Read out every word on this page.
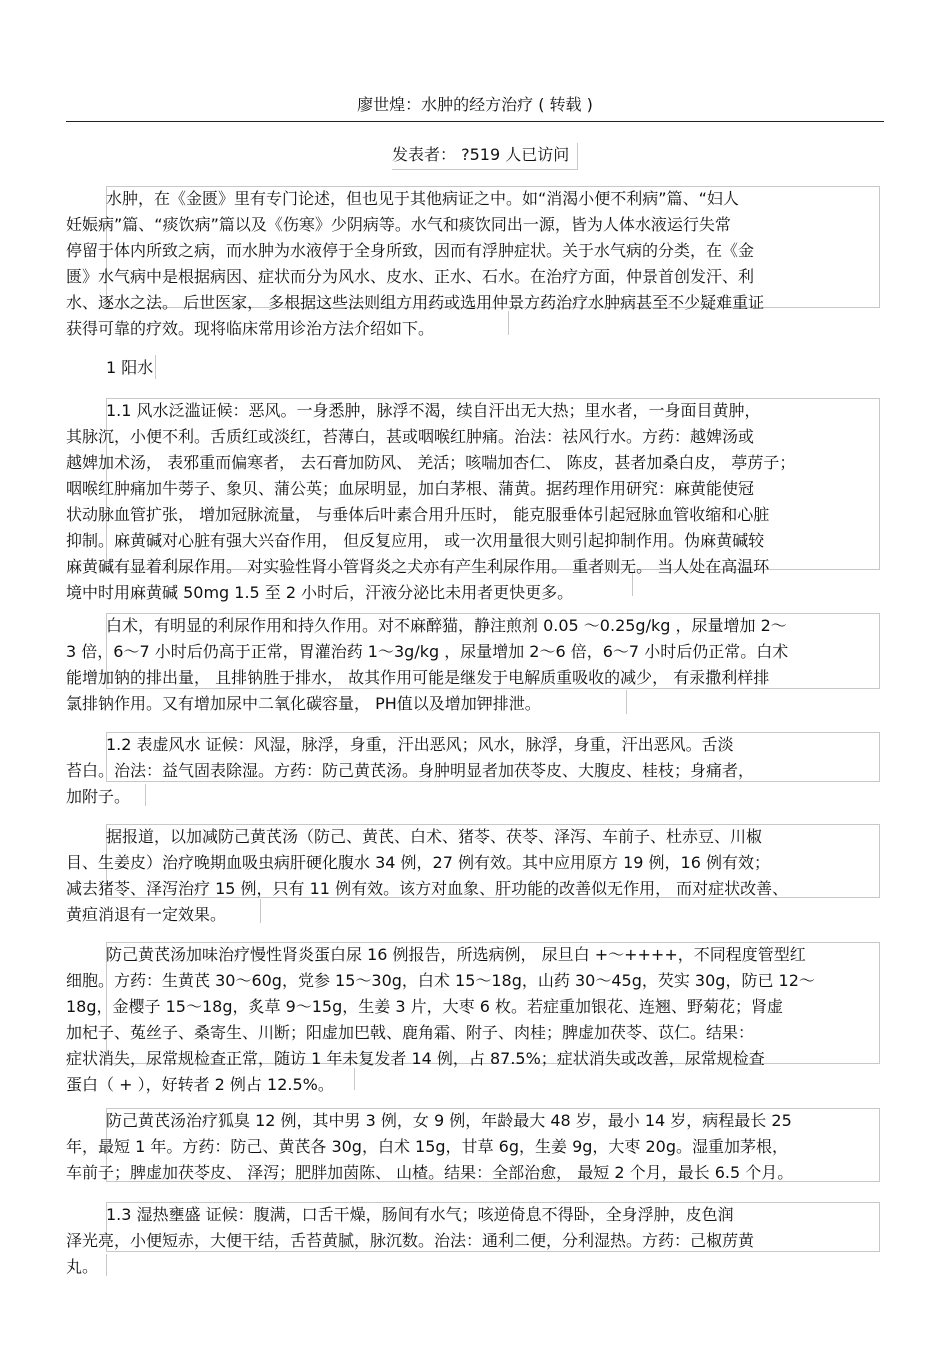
廖世煌：水肿的经方治疗 ( 转载 )
发表者： ?519 人已访问
水肿，在《金匮》里有专门论述，但也见于其他病证之中。如“消渴小便不利病”篇、“妇人
妊娠病”篇、“痰饮病”篇以及《伤寒》少阴病等。水气和痰饮同出一源，皆为人体水液运行失常
停留于体内所致之病，而水肿为水液停于全身所致，因而有浮肿症状。关于水气病的分类，在《金
匮》水气病中是根据病因、症状而分为风水、皮水、正水、石水。在治疗方面，仲景首创发汗、利
水、逐水之法。 后世医家， 多根据这些法则组方用药或选用仲景方药治疗水肿病甚至不少疑难重证
获得可靠的疗效。现将临床常用诊治方法介绍如下。
1 阳水
1.1 风水泛滥证候：恶风。一身悉肿，脉浮不渴，续自汗出无大热；里水者，一身面目黄肿，
其脉沉，小便不利。舌质红或淡红，苔薄白，甚或咽喉红肿痛。治法：祛风行水。方药：越婢汤或
越婢加术汤， 表邪重而偏寒者， 去石膏加防风、 羌活；咳喘加杏仁、 陈皮，甚者加桑白皮， 葶苈子；
咽喉红肿痛加牛蒡子、象贝、蒲公英；血尿明显，加白茅根、蒲黄。据药理作用研究：麻黄能使冠
状动脉血管扩张， 增加冠脉流量， 与垂体后叶素合用升压时， 能克服垂体引起冠脉血管收缩和心脏
抑制。麻黄碱对心脏有强大兴奋作用， 但反复应用， 或一次用量很大则引起抑制作用。伪麻黄碱较
麻黄碱有显着利尿作用。 对实验性肾小管肾炎之犬亦有产生利尿作用。 重者则无。 当人处在高温环
境中时用麻黄碱 50mg 1.5 至 2 小时后，汗液分泌比未用者更快更多。
白术，有明显的利尿作用和持久作用。对不麻醉猫，静注煎剂 0.05 ～0.25g/kg ，尿量增加 2～
3 倍，6～7 小时后仍高于正常，胃灌治药 1～3g/kg ，尿量增加 2～6 倍，6～7 小时后仍正常。白术
能增加钠的排出量， 且排钠胜于排水， 故其作用可能是继发于电解质重吸收的减少， 有汞撒利样排
氯排钠作用。又有增加尿中二氧化碳容量， PH值以及增加钾排泄。
1.2 表虚风水 证候：风湿，脉浮，身重，汗出恶风；风水，脉浮，身重，汗出恶风。舌淡
苔白。治法：益气固表除湿。方药：防己黄芪汤。身肿明显者加茯苓皮、大腹皮、桂枝；身痛者，
加附子。
据报道，以加减防己黄芪汤（防己、黄芪、白术、猪苓、茯苓、泽泻、车前子、杜赤豆、川椒
目、生姜皮）治疗晚期血吸虫病肝硬化腹水 34 例，27 例有效。其中应用原方 19 例，16 例有效；
减去猪苓、泽泻治疗 15 例，只有 11 例有效。该方对血象、肝功能的改善似无作用， 而对症状改善、
黄疸消退有一定效果。
防己黄芪汤加味治疗慢性肾炎蛋白尿 16 例报告，所选病例， 尿旦白 +～++++，不同程度管型红
细胞。方药：生黄芪 30～60g，党参 15～30g，白术 15～18g，山药 30～45g，芡实 30g，防已 12～
18g，金樱子 15～18g，炙草 9～15g，生姜 3 片，大枣 6 枚。若症重加银花、连翘、野菊花；肾虚
加杞子、菟丝子、桑寄生、川断；阳虚加巴戟、鹿角霜、附子、肉桂；脾虚加茯苓、苡仁。结果：
症状消失，尿常规检查正常，随访 1 年未复发者 14 例，占 87.5%；症状消失或改善，尿常规检查
蛋白（ + ），好转者 2 例占 12.5%。
防己黄芪汤治疗狐臭 12 例，其中男 3 例，女 9 例，年龄最大 48 岁，最小 14 岁，病程最长 25
年，最短 1 年。方药：防己、黄芪各 30g，白术 15g，甘草 6g，生姜 9g，大枣 20g。湿重加茅根，
车前子；脾虚加茯苓皮、 泽泻；肥胖加茵陈、 山楂。结果：全部治愈， 最短 2 个月，最长 6.5 个月。
1.3 湿热壅盛 证候：腹满，口舌干燥，肠间有水气；咳逆倚息不得卧，全身浮肿，皮色润
泽光亮，小便短赤，大便干结，舌苔黄腻，脉沉数。治法：通利二便，分利湿热。方药：己椒苈黄
丸。
